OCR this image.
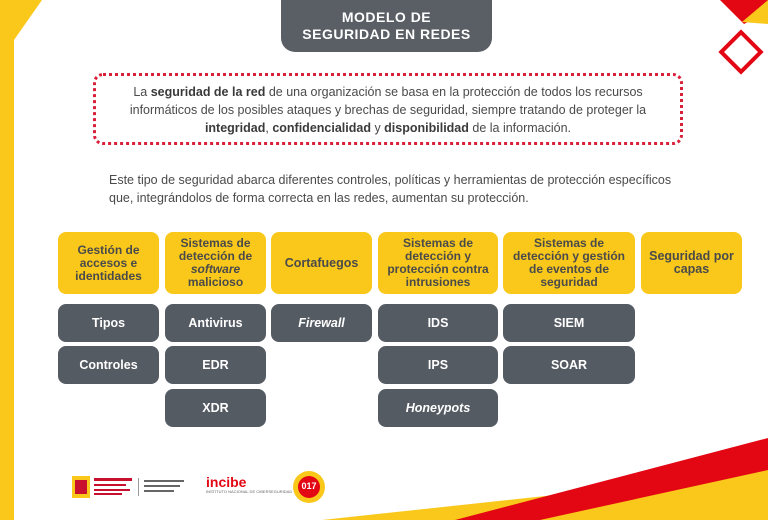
MODELO DE
SEGURIDAD EN REDES
La seguridad de la red de una organización se basa en la protección de todos los recursos informáticos de los posibles ataques y brechas de seguridad, siempre tratando de proteger la integridad, confidencialidad y disponibilidad de la información.
Este tipo de seguridad abarca diferentes controles, políticas y herramientas de protección específicos que, integrándolos de forma correcta en las redes, aumentan su protección.
Gestión de accesos e identidades
Tipos
Controles
Sistemas de detección de software malicioso
Antivirus
EDR
XDR
Cortafuegos
Firewall
Sistemas de detección y protección contra intrusiones
IDS
IPS
Honeypots
Sistemas de detección y gestión de eventos de seguridad
SIEM
SOAR
Seguridad por capas
incibe
INSTITUTO NACIONAL DE CIBERSEGURIDAD
017
